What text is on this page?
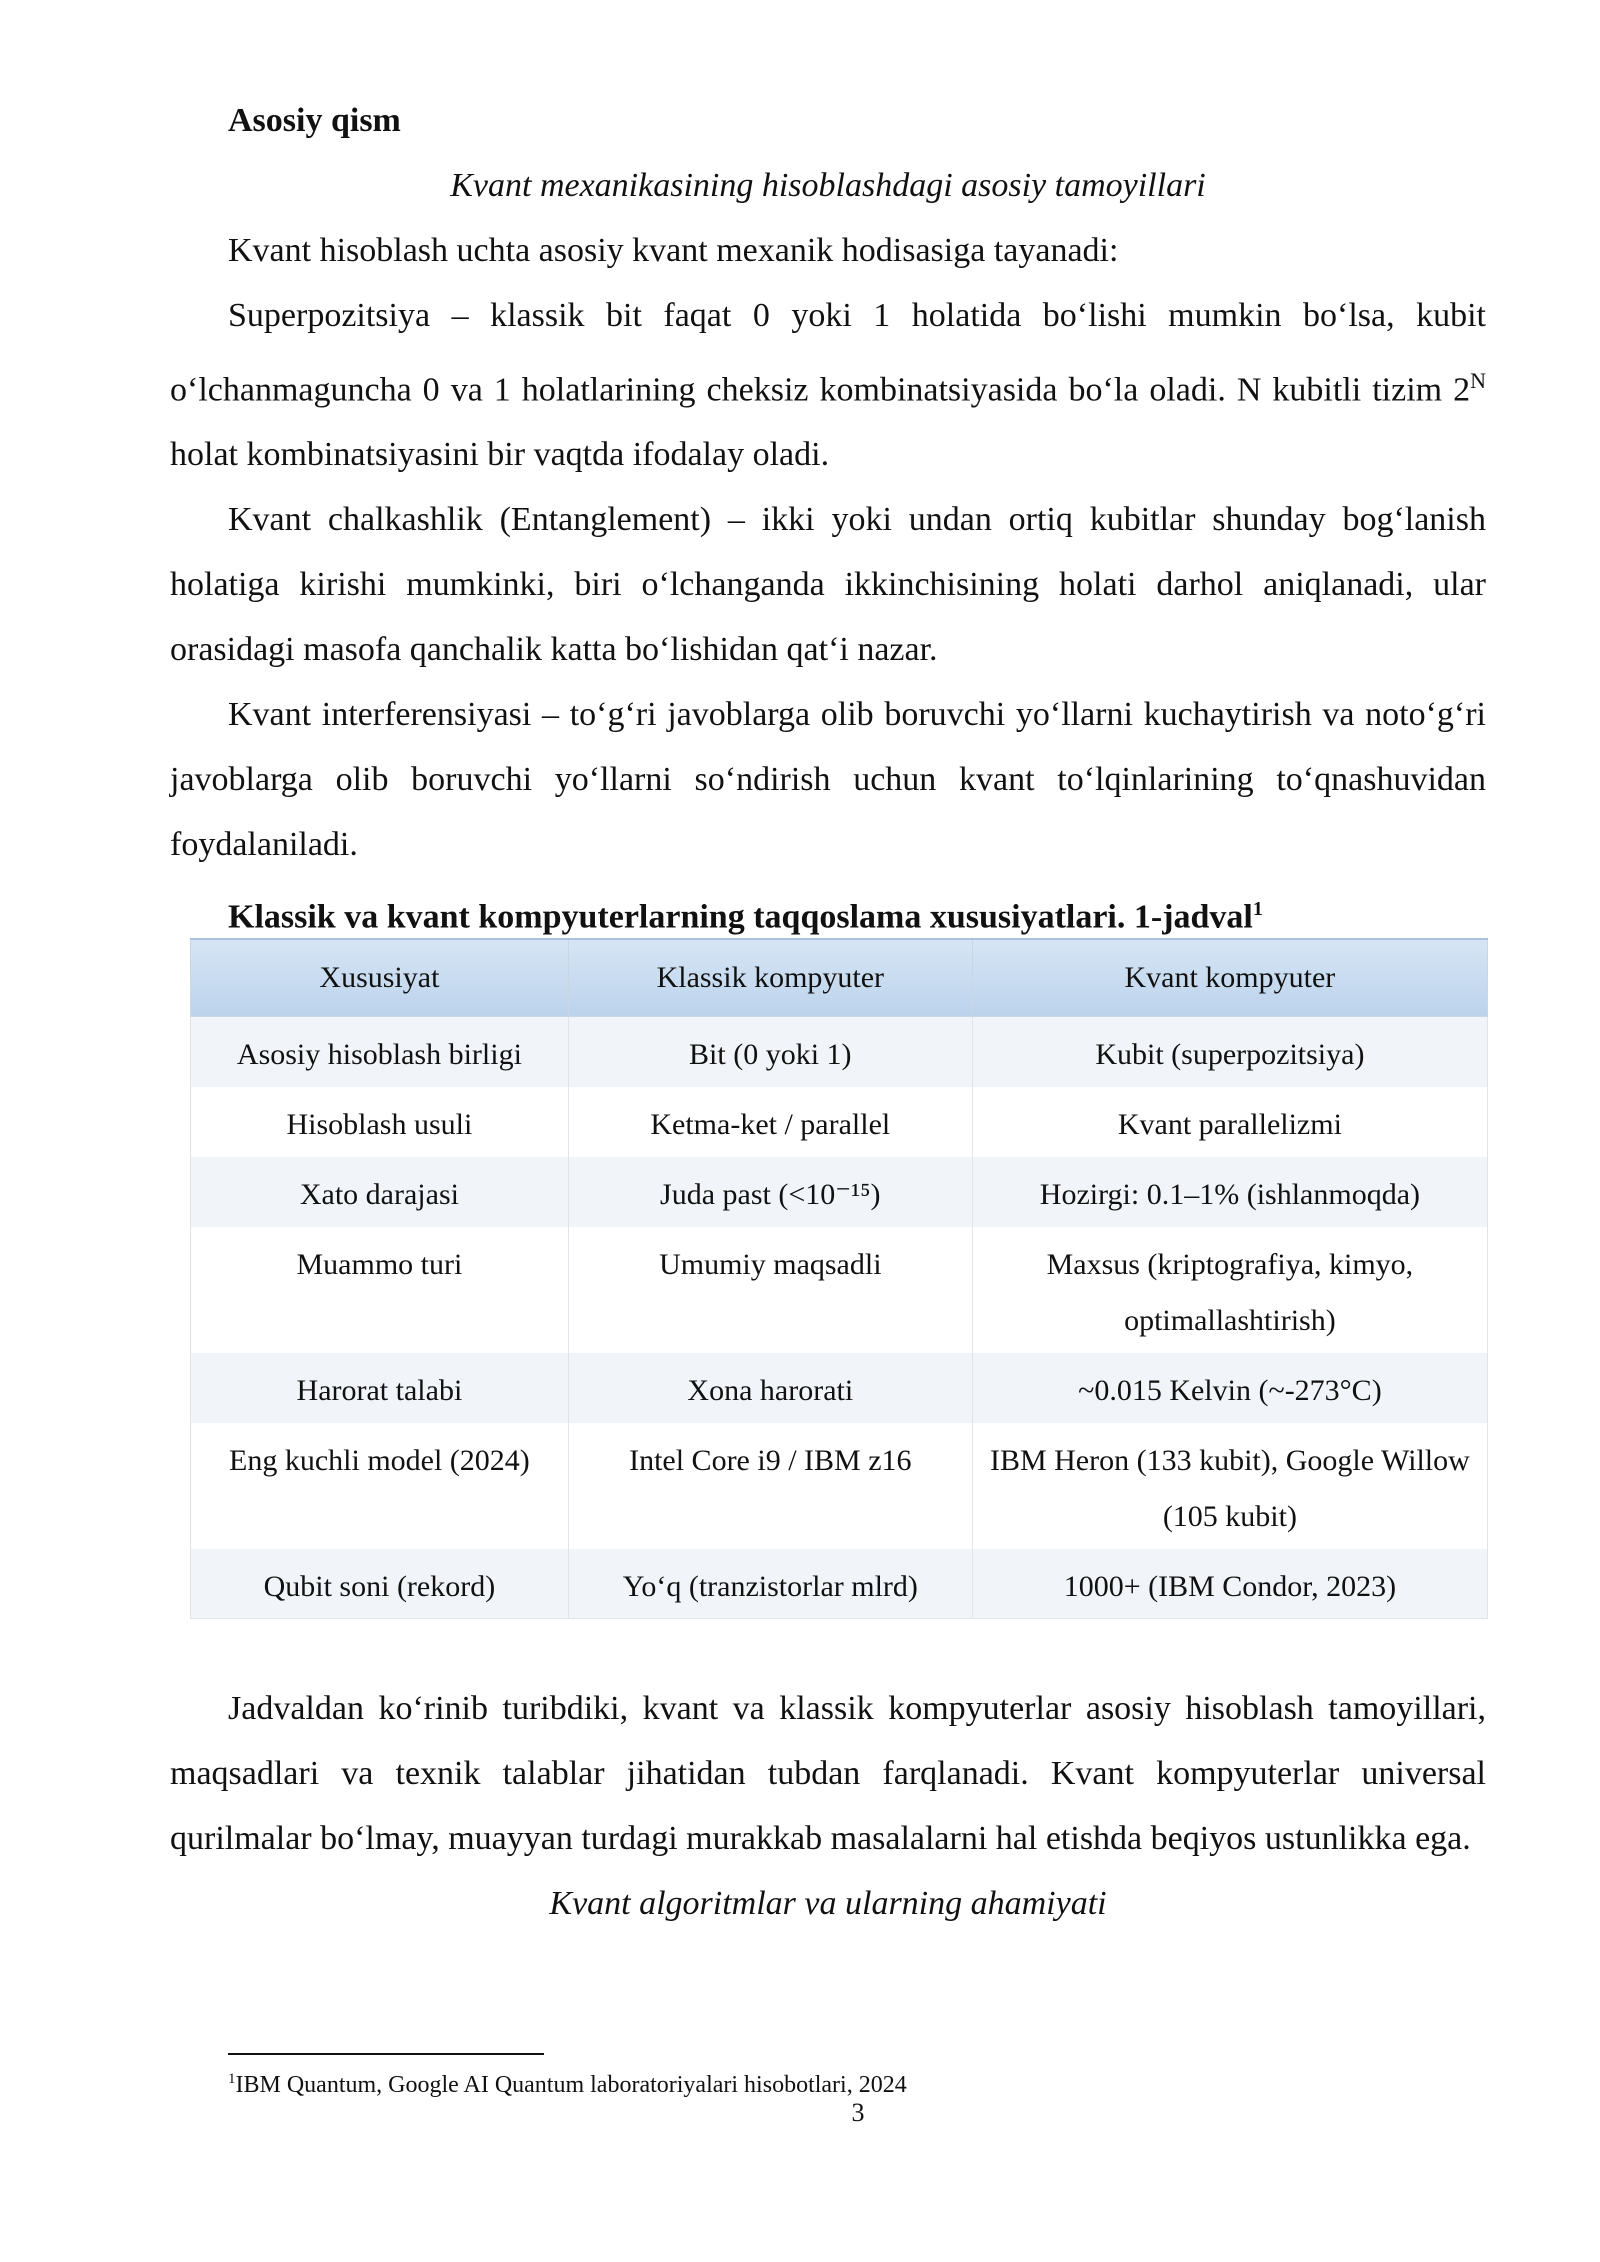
Asosiy qism

Kvant mexanikasining hisoblashdagi asosiy tamoyillari

Kvant hisoblash uchta asosiy kvant mexanik hodisasiga tayanadi:

Superpozitsiya – klassik bit faqat 0 yoki 1 holatida bo‘lishi mumkin bo‘lsa, kubit o‘lchanmaguncha 0 va 1 holatlarining cheksiz kombinatsiyasida bo‘la oladi. N kubitli tizim $2^N$ holat kombinatsiyasini bir vaqtda ifodalay oladi.

Kvant chalkashlik (Entanglement) – ikki yoki undan ortiq kubitlar shunday bog‘lanish holatiga kirishi mumkinki, biri o‘lchanganda ikkinchisining holati darhol aniqlanadi, ular orasidagi masofa qanchalik katta bo‘lishidan qat‘i nazar.

Kvant interferensiyasi – to‘g‘ri javoblarga olib boruvchi yo‘llarni kuchaytirish va noto‘g‘ri javoblarga olib boruvchi yo‘llarni so‘ndirish uchun kvant to‘lqinlarining to‘qnashuvidan foydalaniladi.

Klassik va kvant kompyuterlarning taqqoslama xususiyatlari. 1-jadval$^1$

Xususiyat	Klassik kompyuter	Kvant kompyuter
Asosiy hisoblash birligi	Bit (0 yoki 1)	Kubit (superpozitsiya)
Hisoblash usuli	Ketma-ket / parallel	Kvant parallelizmi
Xato darajasi	Juda past (<10⁻¹⁵)	Hozirgi: 0.1–1% (ishlanmoqda)
Muammo turi	Umumiy maqsadli	Maxsus (kriptografiya, kimyo, optimallashtirish)
Harorat talabi	Xona harorati	~0.015 Kelvin (~-273°C)
Eng kuchli model (2024)	Intel Core i9 / IBM z16	IBM Heron (133 kubit), Google Willow (105 kubit)
Qubit soni (rekord)	Yo‘q (tranzistorlar mlrd)	1000+ (IBM Condor, 2023)

Jadvaldan ko‘rinib turibdiki, kvant va klassik kompyuterlar asosiy hisoblash tamoyillari, maqsadlari va texnik talablar jihatidan tubdan farqlanadi. Kvant kompyuterlar universal qurilmalar bo‘lmay, muayyan turdagi murakkab masalalarni hal etishda beqiyos ustunlikka ega.

Kvant algoritmlar va ularning ahamiyati

$^1$IBM Quantum, Google AI Quantum laboratoriyalari hisobotlari, 2024
3
